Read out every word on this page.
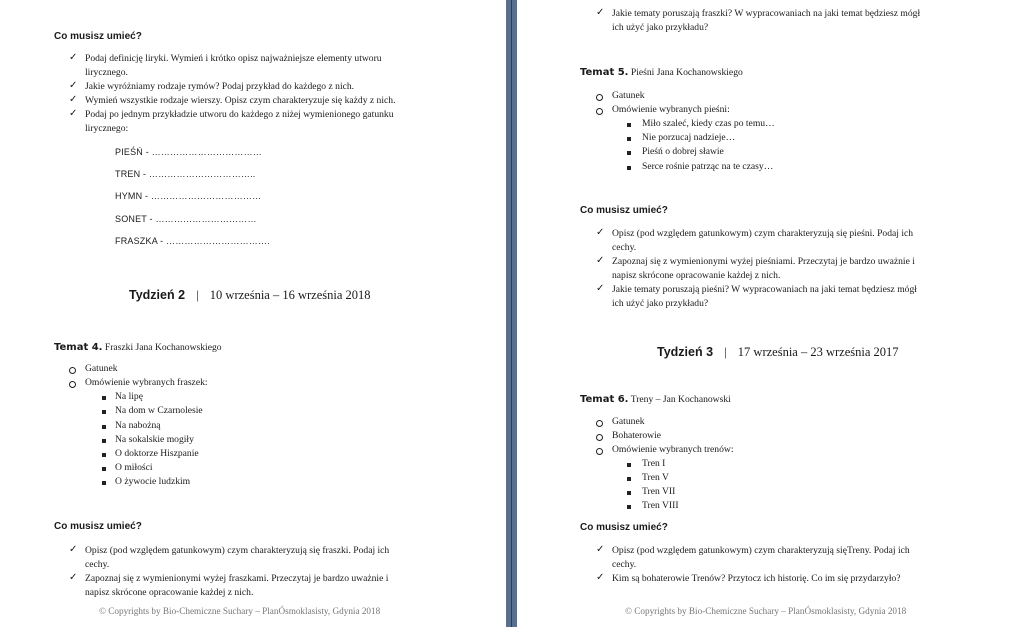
Co musisz umieć?
✓ Podaj definicję liryki. Wymień i krótko opisz najważniejsze elementy utworu
lirycznego.
✓ Jakie wyróżniamy rodzaje rymów? Podaj przykład do każdego z nich.
✓ Wymień wszystkie rodzaje wierszy. Opisz czym charakteryzuje się każdy z nich.
✓ Podaj po jednym przykładzie utworu do każdego z niżej wymienionego gatunku
lirycznego:
PIEŚŃ - ………………………………
TREN - ……………………………..
HYMN - ………………………………
SONET - ……………………………
FRASZKA - …………………………….
Tydzień 2 | 10 września – 16 września 2018
Temat 4. Fraszki Jana Kochanowskiego
Gatunek
Omówienie wybranych fraszek:
Na lipę
Na dom w Czarnolesie
Na nabożną
Na sokalskie mogiły
O doktorze Hiszpanie
O miłości
O żywocie ludzkim
Co musisz umieć?
✓ Opisz (pod względem gatunkowym) czym charakteryzują się fraszki. Podaj ich
cechy.
✓ Zapoznaj się z wymienionymi wyżej fraszkami. Przeczytaj je bardzo uważnie i
napisz skrócone opracowanie każdej z nich.
© Copyrights by Bio-Chemiczne Suchary – PlanÓsmoklasisty, Gdynia 2018
✓ Jakie tematy poruszają fraszki? W wypracowaniach na jaki temat będziesz mógł
ich użyć jako przykładu?
Temat 5. Pieśni Jana Kochanowskiego
Gatunek
Omówienie wybranych pieśni:
Miło szaleć, kiedy czas po temu…
Nie porzucaj nadzieje…
Pieśń o dobrej sławie
Serce rośnie patrząc na te czasy…
Co musisz umieć?
✓ Opisz (pod względem gatunkowym) czym charakteryzują się pieśni. Podaj ich
cechy.
✓ Zapoznaj się z wymienionymi wyżej pieśniami. Przeczytaj je bardzo uważnie i
napisz skrócone opracowanie każdej z nich.
✓ Jakie tematy poruszają pieśni? W wypracowaniach na jaki temat będziesz mógł
ich użyć jako przykładu?
Tydzień 3 | 17 września – 23 września 2017
Temat 6. Treny – Jan Kochanowski
Gatunek
Bohaterowie
Omówienie wybranych trenów:
Tren I
Tren V
Tren VII
Tren VIII
Co musisz umieć?
✓ Opisz (pod względem gatunkowym) czym charakteryzują sięTreny. Podaj ich
cechy.
✓ Kim są bohaterowie Trenów? Przytocz ich historię. Co im się przydarzyło?
© Copyrights by Bio-Chemiczne Suchary – PlanÓsmoklasisty, Gdynia 2018
